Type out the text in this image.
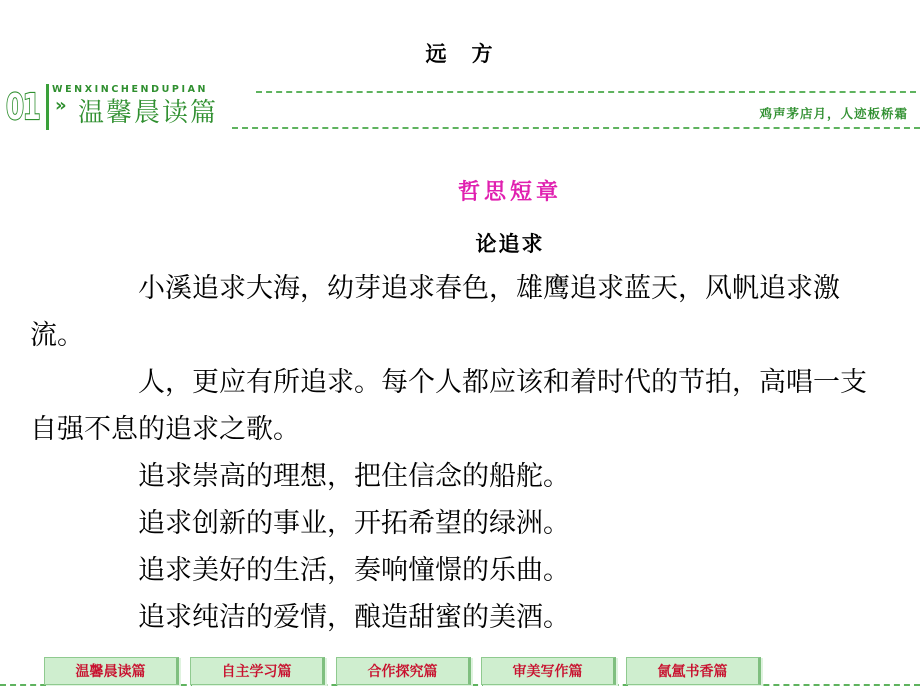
远　方
01 WENXINCHENDUPIAN
» 温馨晨读篇	鸡声茅店月，人迹板桥霜
哲思短章
论追求

小溪追求大海，幼芽追求春色，雄鹰追求蓝天，风帆追求激流。

人，更应有所追求。每个人都应该和着时代的节拍，高唱一支自强不息的追求之歌。

追求崇高的理想，把住信念的船舵。

追求创新的事业，开拓希望的绿洲。

追求美好的生活，奏响憧憬的乐曲。

追求纯洁的爱情，酿造甜蜜的美酒。

温馨晨读篇	自主学习篇	合作探究篇	审美写作篇	氤氲书香篇
